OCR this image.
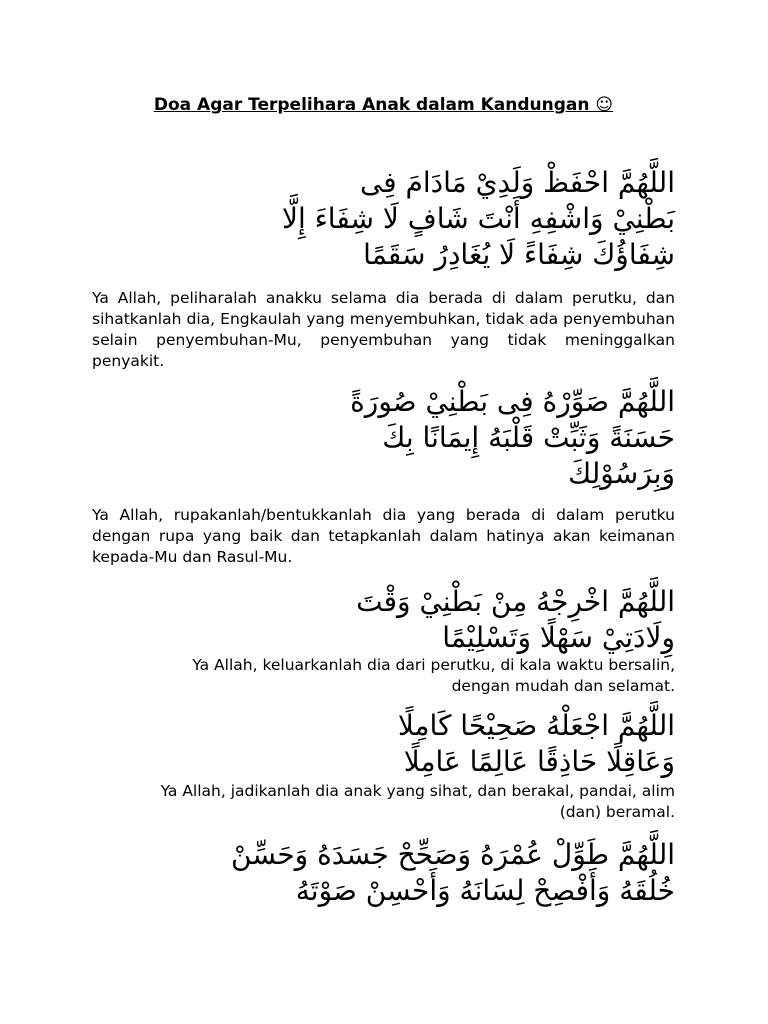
Doa Agar Terpelihara Anak dalam Kandungan ☺
اللَّهُمَّ احْفَظْ وَلَدِيْ مَادَامَ فِى
بَطْنِيْ وَاشْفِهِ أَنْتَ شَافٍ لَا شِفَاءَ إِلَّا
شِفَاؤُكَ شِفَاءً لَا يُغَادِرُ سَقَمًا
Ya Allah, peliharalah anakku selama dia berada di dalam perutku, dan sihatkanlah dia, Engkaulah yang menyembuhkan, tidak ada penyembuhan selain penyembuhan-Mu, penyembuhan yang tidak meninggalkan penyakit.
اللَّهُمَّ صَوِّرْهُ فِى بَطْنِيْ صُورَةً
حَسَنَةً وَثَبِّتْ قَلْبَهُ إِيمَانًا بِكَ
وَبِرَسُوْلِكَ
Ya Allah, rupakanlah/bentukkanlah dia yang berada di dalam perutku dengan rupa yang baik dan tetapkanlah dalam hatinya akan keimanan kepada-Mu dan Rasul-Mu.
اللَّهُمَّ اخْرِجْهُ مِنْ بَطْنِيْ وَقْتَ
وِلَادَتِيْ سَهْلًا وَتَسْلِيْمًا
Ya Allah, keluarkanlah dia dari perutku, di kala waktu bersalin, dengan mudah dan selamat.
اللَّهُمَّ اجْعَلْهُ صَحِيْحًا كَامِلًا
وَعَاقِلًا حَاذِقًا عَالِمًا عَامِلًا
Ya Allah, jadikanlah dia anak yang sihat, dan berakal, pandai, alim (dan) beramal.
اللَّهُمَّ طَوِّلْ عُمْرَهُ وَصَحِّحْ جَسَدَهُ وَحَسِّنْ
خُلُقَهُ وَأَفْصِحْ لِسَانَهُ وَأَحْسِنْ صَوْتَهُ
